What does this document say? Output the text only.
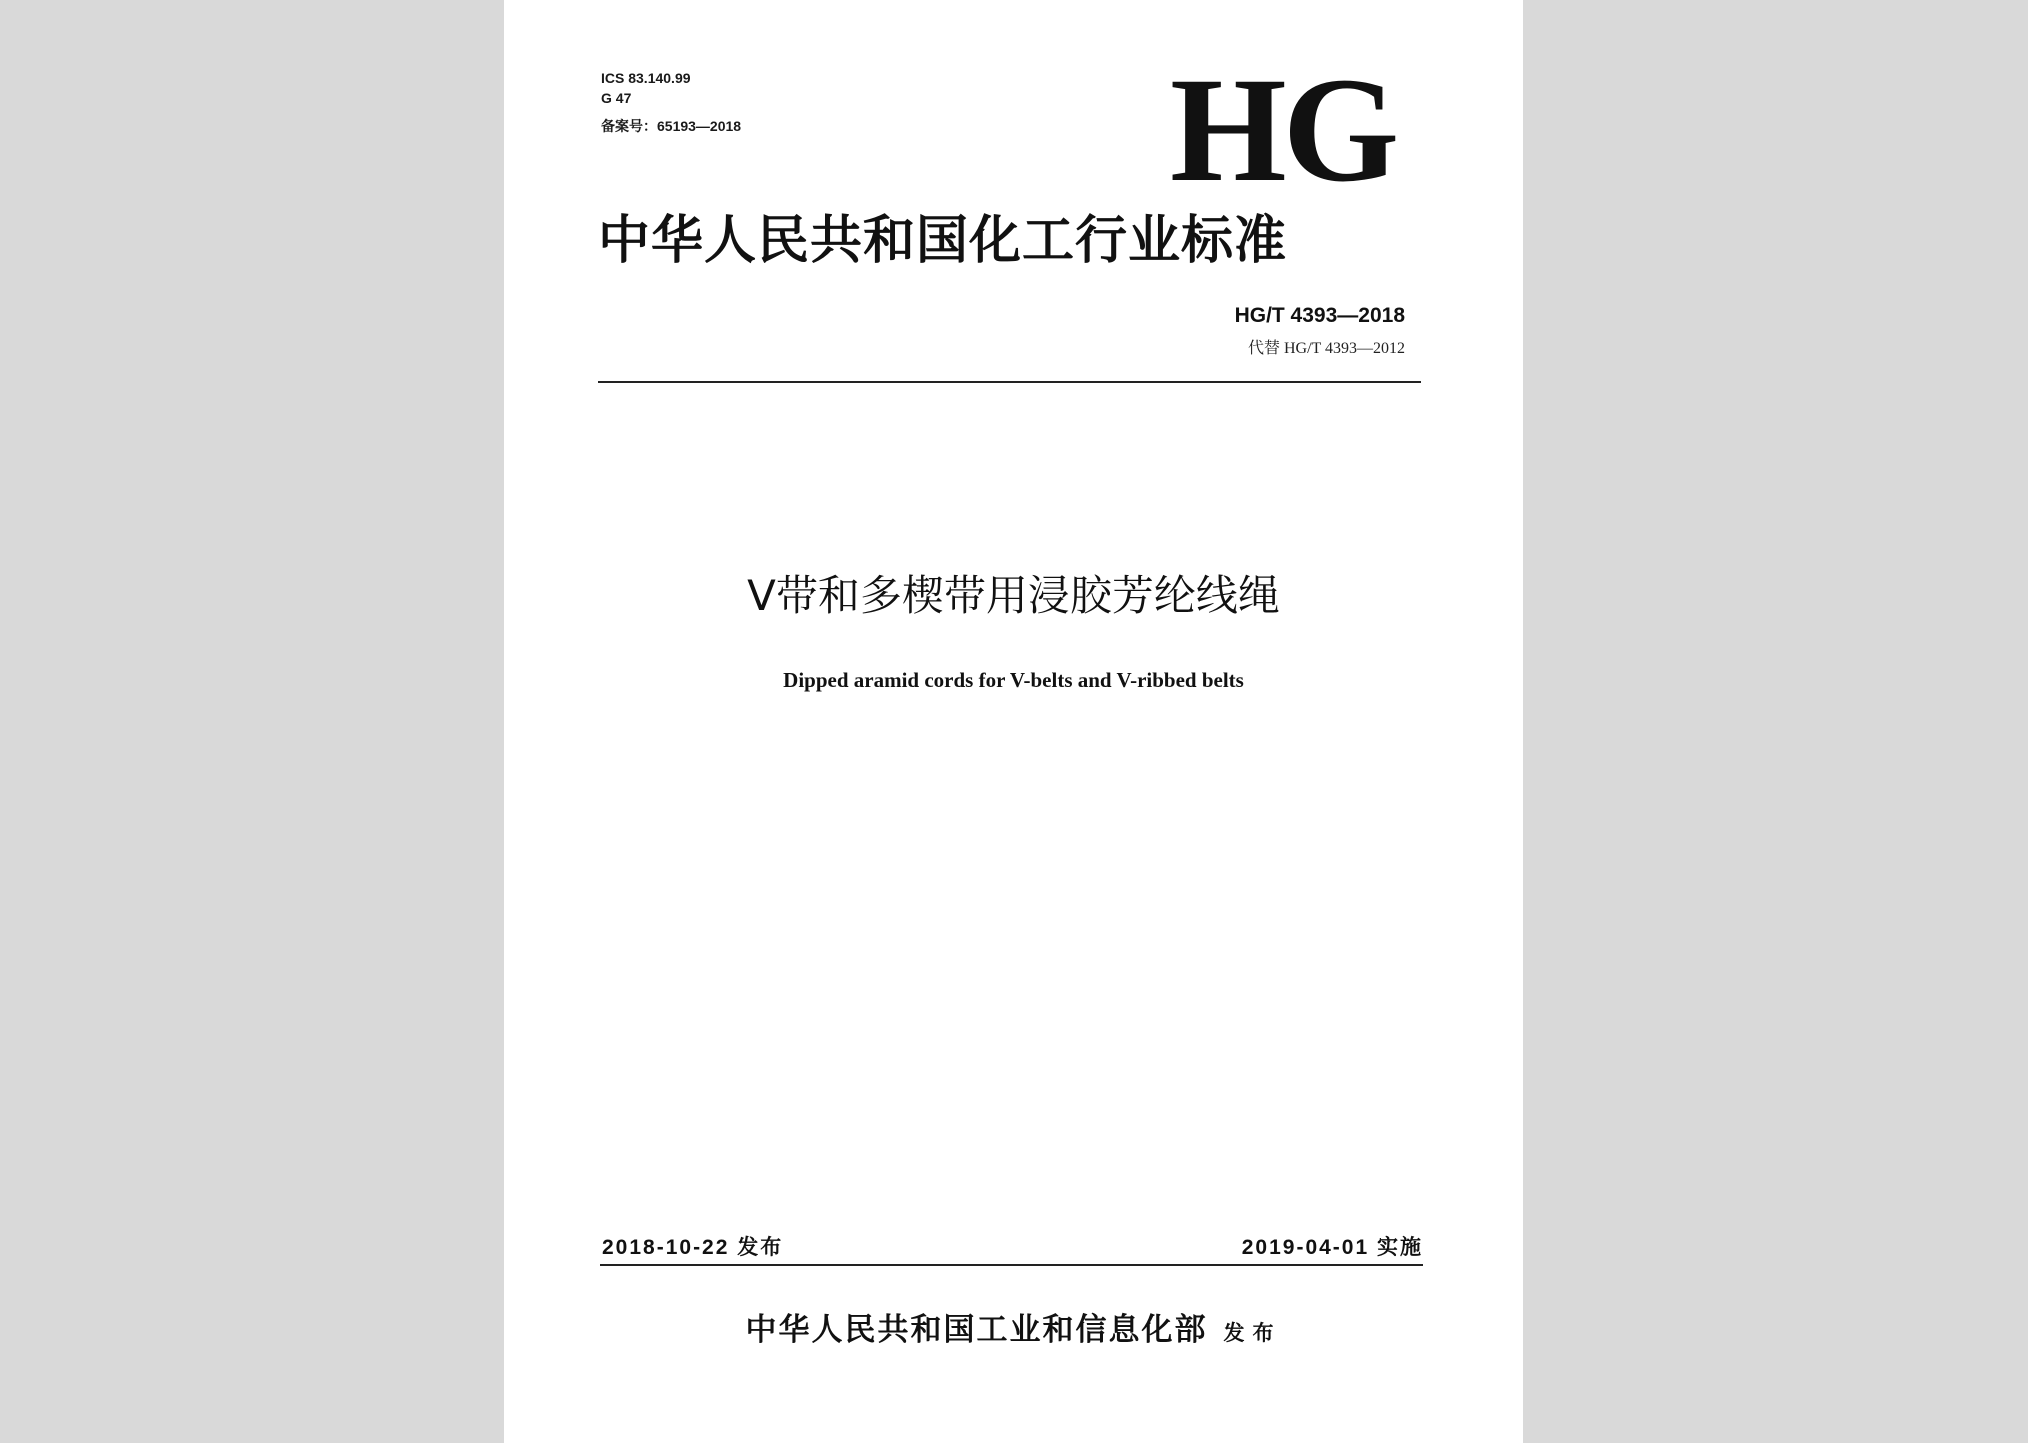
ICS 83.140.99
G 47
备案号：65193—2018	HG
中华人民共和国化工行业标准
HG/T 4393—2018
代替 HG/T 4393—2012
V带和多楔带用浸胶芳纶线绳
Dipped aramid cords for V-belts and V-ribbed belts
2018-10-22 发布	2019-04-01 实施
中华人民共和国工业和信息化部 发布
